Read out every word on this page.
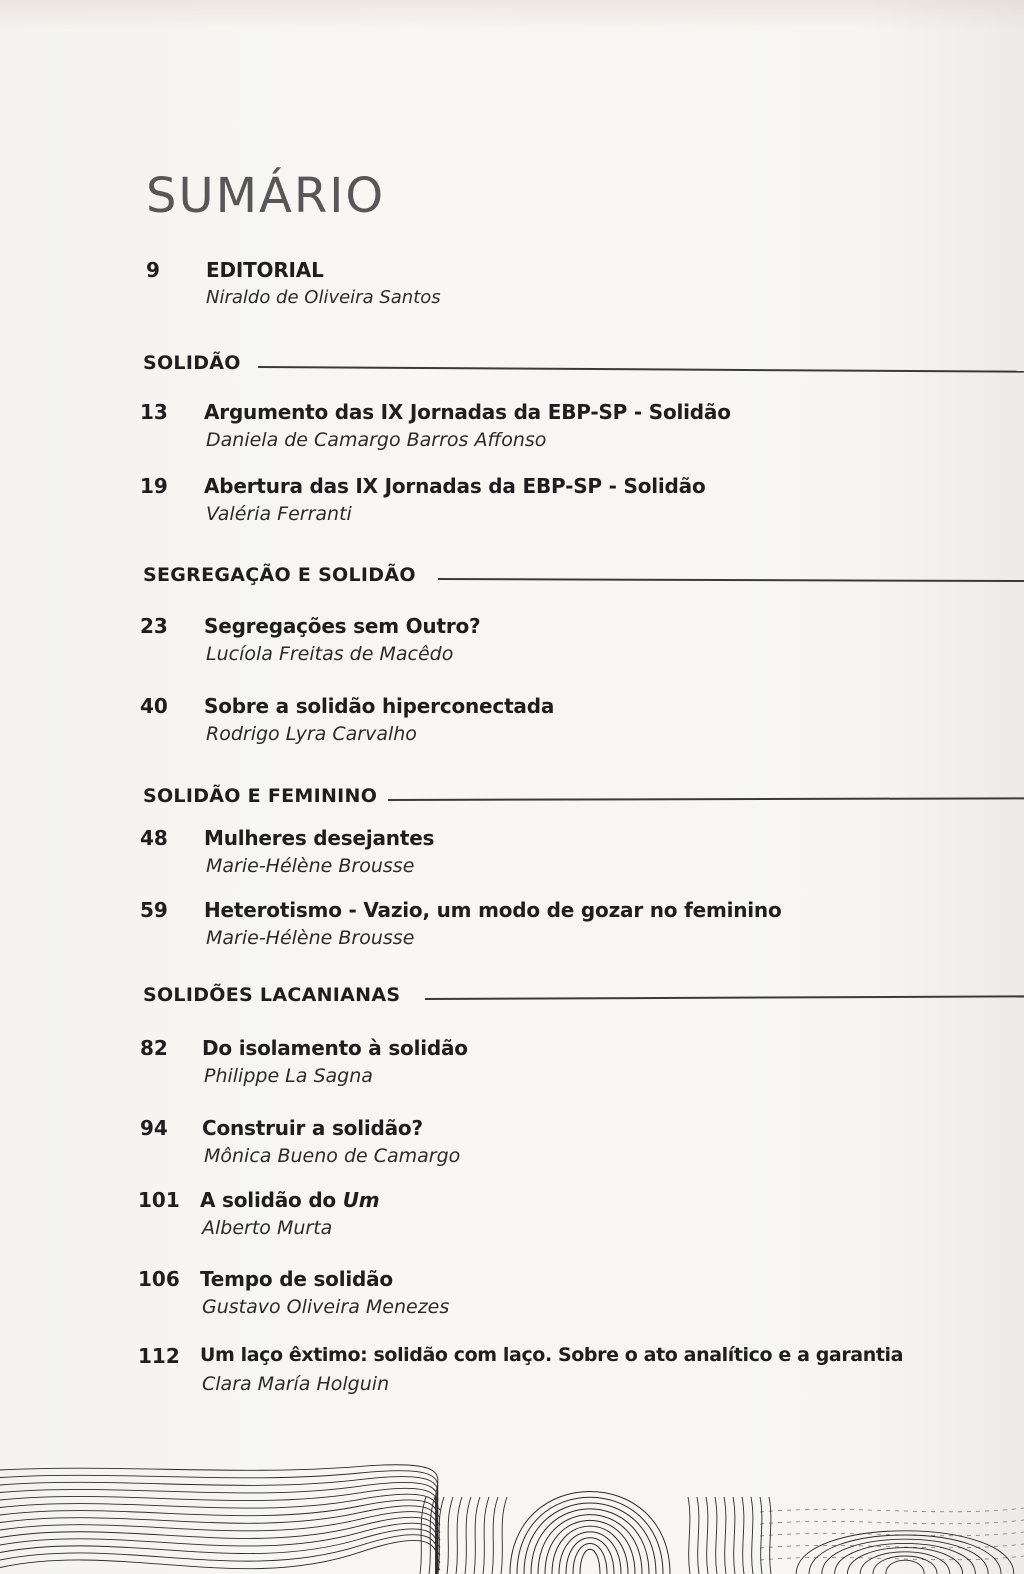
SUMÁRIO
9	EDITORIAL
Niraldo de Oliveira Santos
SOLIDÃO
13	Argumento das IX Jornadas da EBP-SP - Solidão
Daniela de Camargo Barros Affonso
19	Abertura das IX Jornadas da EBP-SP - Solidão
Valéria Ferranti
SEGREGAÇÃO E SOLIDÃO
23	Segregações sem Outro?
Lucíola Freitas de Macêdo
40	Sobre a solidão hiperconectada
Rodrigo Lyra Carvalho
SOLIDÃO E FEMININO
48	Mulheres desejantes
Marie-Hélène Brousse
59	Heterotismo - Vazio, um modo de gozar no feminino
Marie-Hélène Brousse
SOLIDÕES LACANIANAS
82	Do isolamento à solidão
Philippe La Sagna
94	Construir a solidão?
Mônica Bueno de Camargo
101	A solidão do Um
Alberto Murta
106	Tempo de solidão
Gustavo Oliveira Menezes
112	Um laço êxtimo: solidão com laço. Sobre o ato analítico e a garantia
Clara María Holguin
